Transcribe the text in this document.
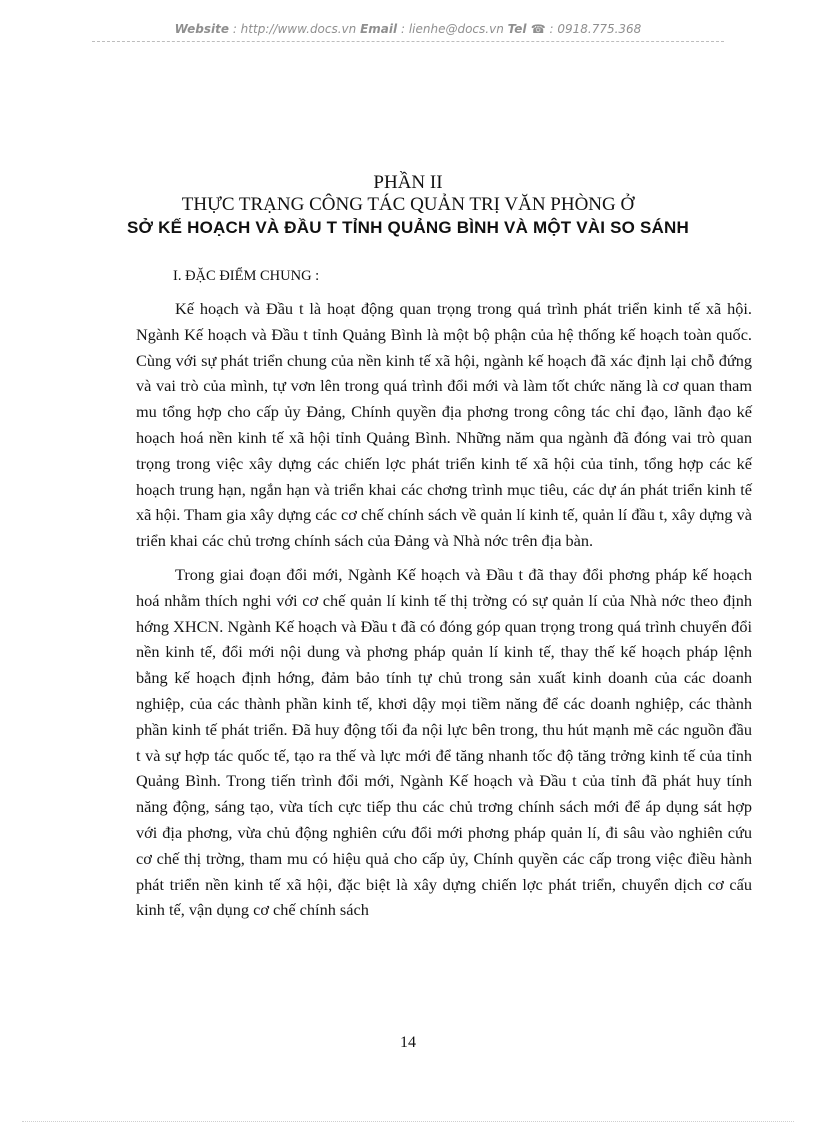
Website : http://www.docs.vn Email : lienhe@docs.vn Tel ☎ : 0918.775.368
PHẦN II
THỰC TRẠNG CÔNG TÁC QUẢN TRỊ VĂN PHÒNG Ở
SỞ KẾ HOẠCH VÀ ĐẦU T TỈNH QUẢNG BÌNH VÀ MỘT VÀI SO SÁNH
I. ĐẶC ĐIỂM CHUNG :

Kế hoạch và Đầu t là hoạt động quan trọng trong quá trình phát triển kinh tế xã hội. Ngành Kế hoạch và Đầu t tỉnh Quảng Bình là một bộ phận của hệ thống kế hoạch toàn quốc. Cùng với sự phát triển chung của nền kinh tế xã hội, ngành kế hoạch đã xác định lại chỗ đứng và vai trò của mình, tự vơn lên trong quá trình đổi mới và làm tốt chức năng là cơ quan tham mu tổng hợp cho cấp ủy Đảng, Chính quyền địa phơng trong công tác chỉ đạo, lãnh đạo kế hoạch hoá nền kinh tế xã hội tỉnh Quảng Bình. Những năm qua ngành đã đóng vai trò quan trọng trong việc xây dựng các chiến lợc phát triển kinh tế xã hội của tỉnh, tổng hợp các kế hoạch trung hạn, ngắn hạn và triển khai các chơng trình mục tiêu, các dự án phát triển kinh tế xã hội. Tham gia xây dựng các cơ chế chính sách về quản lí kinh tế, quản lí đầu t, xây dựng và triển khai các chủ trơng chính sách của Đảng và Nhà nớc trên địa bàn.

Trong giai đoạn đổi mới, Ngành Kế hoạch và Đầu t đã thay đổi phơng pháp kế hoạch hoá nhằm thích nghi với cơ chế quản lí kinh tế thị trờng có sự quản lí của Nhà nớc theo định hớng XHCN. Ngành Kế hoạch và Đầu t đã có đóng góp quan trọng trong quá trình chuyển đổi nền kinh tế, đổi mới nội dung và phơng pháp quản lí kinh tế, thay thế kế hoạch pháp lệnh bằng kế hoạch định hớng, đảm bảo tính tự chủ trong sản xuất kinh doanh của các doanh nghiệp, của các thành phần kinh tế, khơi dậy mọi tiềm năng để các doanh nghiệp, các thành phần kinh tế phát triển. Đã huy động tối đa nội lực bên trong, thu hút mạnh mẽ các nguồn đầu t và sự hợp tác quốc tế, tạo ra thế và lực mới để tăng nhanh tốc độ tăng trởng kinh tế của tỉnh Quảng Bình. Trong tiến trình đổi mới, Ngành Kế hoạch và Đầu t của tỉnh đã phát huy tính năng động, sáng tạo, vừa tích cực tiếp thu các chủ trơng chính sách mới để áp dụng sát hợp với địa phơng, vừa chủ động nghiên cứu đổi mới phơng pháp quản lí, đi sâu vào nghiên cứu cơ chế thị trờng, tham mu có hiệu quả cho cấp ủy, Chính quyền các cấp trong việc điều hành phát triển nền kinh tế xã hội, đặc biệt là xây dựng chiến lợc phát triển, chuyển dịch cơ cấu kinh tế, vận dụng cơ chế chính sách

14
